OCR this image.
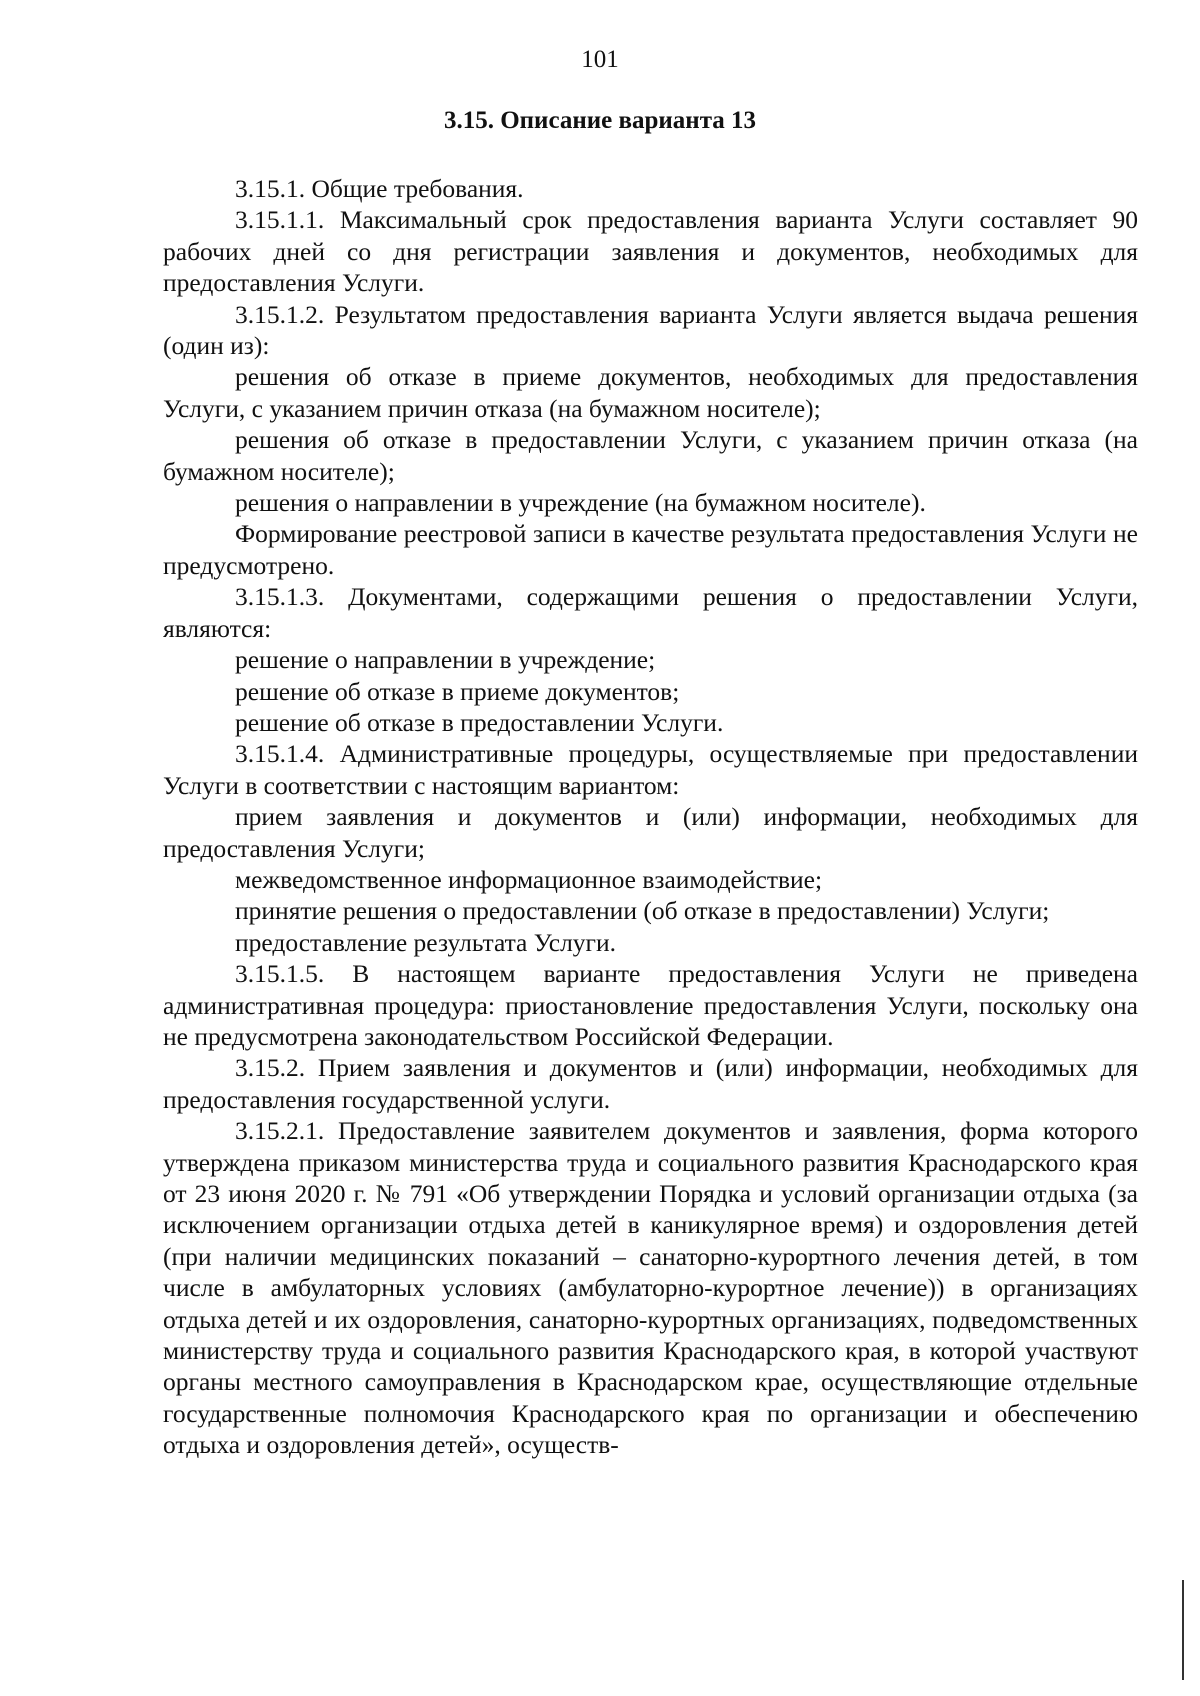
101
3.15. Описание варианта 13

3.15.1. Общие требования.

3.15.1.1. Максимальный срок предоставления варианта Услуги составляет 90 рабочих дней со дня регистрации заявления и документов, необходимых для предоставления Услуги.

3.15.1.2. Результатом предоставления варианта Услуги является выдача решения (один из):

решения об отказе в приеме документов, необходимых для предоставления Услуги, с указанием причин отказа (на бумажном носителе);

решения об отказе в предоставлении Услуги, с указанием причин отказа (на бумажном носителе);

решения о направлении в учреждение (на бумажном носителе).

Формирование реестровой записи в качестве результата предоставления Услуги не предусмотрено.

3.15.1.3. Документами, содержащими решения о предоставлении Услуги, являются:

решение о направлении в учреждение;

решение об отказе в приеме документов;

решение об отказе в предоставлении Услуги.

3.15.1.4. Административные процедуры, осуществляемые при предоставлении Услуги в соответствии с настоящим вариантом:

прием заявления и документов и (или) информации, необходимых для предоставления Услуги;

межведомственное информационное взаимодействие;

принятие решения о предоставлении (об отказе в предоставлении) Услуги;

предоставление результата Услуги.

3.15.1.5. В настоящем варианте предоставления Услуги не приведена административная процедура: приостановление предоставления Услуги, поскольку она не предусмотрена законодательством Российской Федерации.

3.15.2. Прием заявления и документов и (или) информации, необходимых для предоставления государственной услуги.

3.15.2.1. Предоставление заявителем документов и заявления, форма которого утверждена приказом министерства труда и социального развития Краснодарского края от 23 июня 2020 г. № 791 «Об утверждении Порядка и условий организации отдыха (за исключением организации отдыха детей в каникулярное время) и оздоровления детей (при наличии медицинских показаний – санаторно-курортного лечения детей, в том числе в амбулаторных условиях (амбулаторно-курортное лечение)) в организациях отдыха детей и их оздоровления, санаторно-курортных организациях, подведомственных министерству труда и социального развития Краснодарского края, в которой участвуют органы местного самоуправления в Краснодарском крае, осуществляющие отдельные государственные полномочия Краснодарского края по организации и обеспечению отдыха и оздоровления детей», осуществ-
